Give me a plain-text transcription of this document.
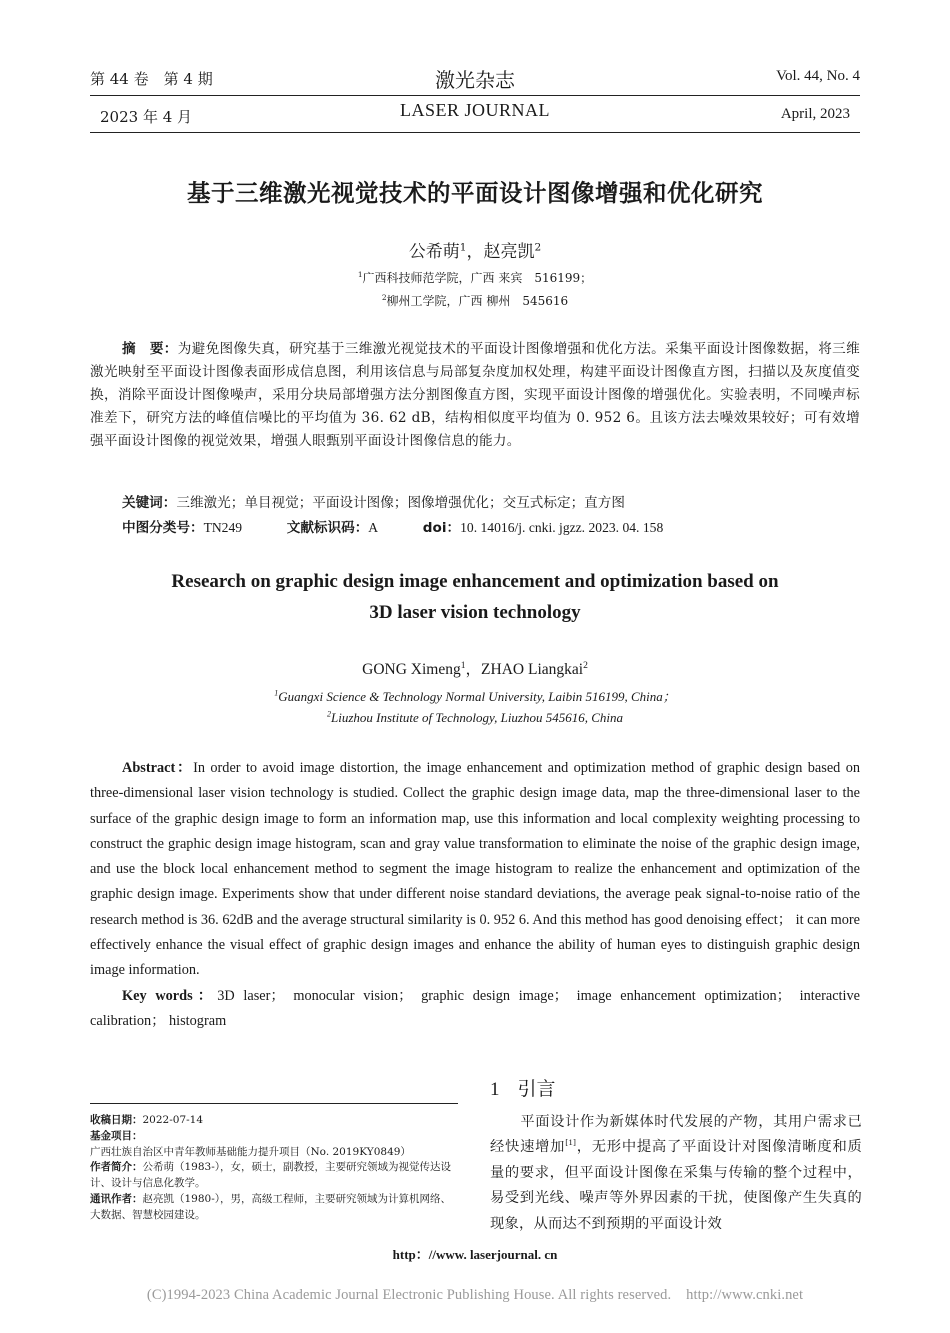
第 44 卷　第 4 期
2023 年 4 月
激光杂志
LASER JOURNAL
Vol. 44, No. 4
April, 2023
基于三维激光视觉技术的平面设计图像增强和优化研究
公希萌$^1$，赵亮凯$^2$
$^1$广西科技师范学院，广西 来宾　516199；
$^2$柳州工学院，广西 柳州　545616
摘　要：为避免图像失真，研究基于三维激光视觉技术的平面设计图像增强和优化方法。采集平面设计图像数据，将三维激光映射至平面设计图像表面形成信息图，利用该信息与局部复杂度加权处理，构建平面设计图像直方图，扫描以及灰度值变换，消除平面设计图像噪声，采用分块局部增强方法分割图像直方图，实现平面设计图像的增强优化。实验表明，不同噪声标准差下，研究方法的峰值信噪比的平均值为 36. 62 dB，结构相似度平均值为 0. 952 6。且该方法去噪效果较好；可有效增强平面设计图像的视觉效果，增强人眼甄别平面设计图像信息的能力。
关键词：三维激光；单目视觉；平面设计图像；图像增强优化；交互式标定；直方图
中图分类号：TN249	文献标识码：A	doi：10. 14016/j. cnki. jgzz. 2023. 04. 158
Research on graphic design image enhancement and optimization based on
3D laser vision technology
GONG Ximeng$^1$，ZHAO Liangkai$^2$
$^1$Guangxi Science & Technology Normal University, Laibin 516199, China；
$^2$Liuzhou Institute of Technology, Liuzhou 545616, China
Abstract：In order to avoid image distortion, the image enhancement and optimization method of graphic design based on three-dimensional laser vision technology is studied. Collect the graphic design image data, map the three-dimensional laser to the surface of the graphic design image to form an information map, use this information and local complexity weighting processing to construct the graphic design image histogram, scan and gray value transformation to eliminate the noise of the graphic design image, and use the block local enhancement method to segment the image histogram to realize the enhancement and optimization of the graphic design image. Experiments show that under different noise standard deviations, the average peak signal-to-noise ratio of the research method is 36. 62dB and the average structural similarity is 0. 952 6. And this method has good denoising effect； it can more effectively enhance the visual effect of graphic design images and enhance the ability of human eyes to distinguish graphic design image information.
Key words：3D laser； monocular vision； graphic design image； image enhancement optimization； interactive calibration； histogram
1 引言
平面设计作为新媒体时代发展的产物，其用户需求已经快速增加[1]，无形中提高了平面设计对图像清晰度和质量的要求，但平面设计图像在采集与传输的整个过程中，易受到光线、噪声等外界因素的干扰，使图像产生失真的现象，从而达不到预期的平面设计效
收稿日期：2022-07-14
基金项目：广西壮族自治区中青年教师基础能力提升项目（No. 2019KY0849）
作者简介：公希萌（1983-），女，硕士，副教授，主要研究领域为视觉传达设计、设计与信息化教学。
通讯作者：赵亮凯（1980-），男，高级工程师，主要研究领域为计算机网络、大数据、智慧校园建设。
http：//www. laserjournal. cn
(C)1994-2023 China Academic Journal Electronic Publishing House. All rights reserved.    http://www.cnki.net
